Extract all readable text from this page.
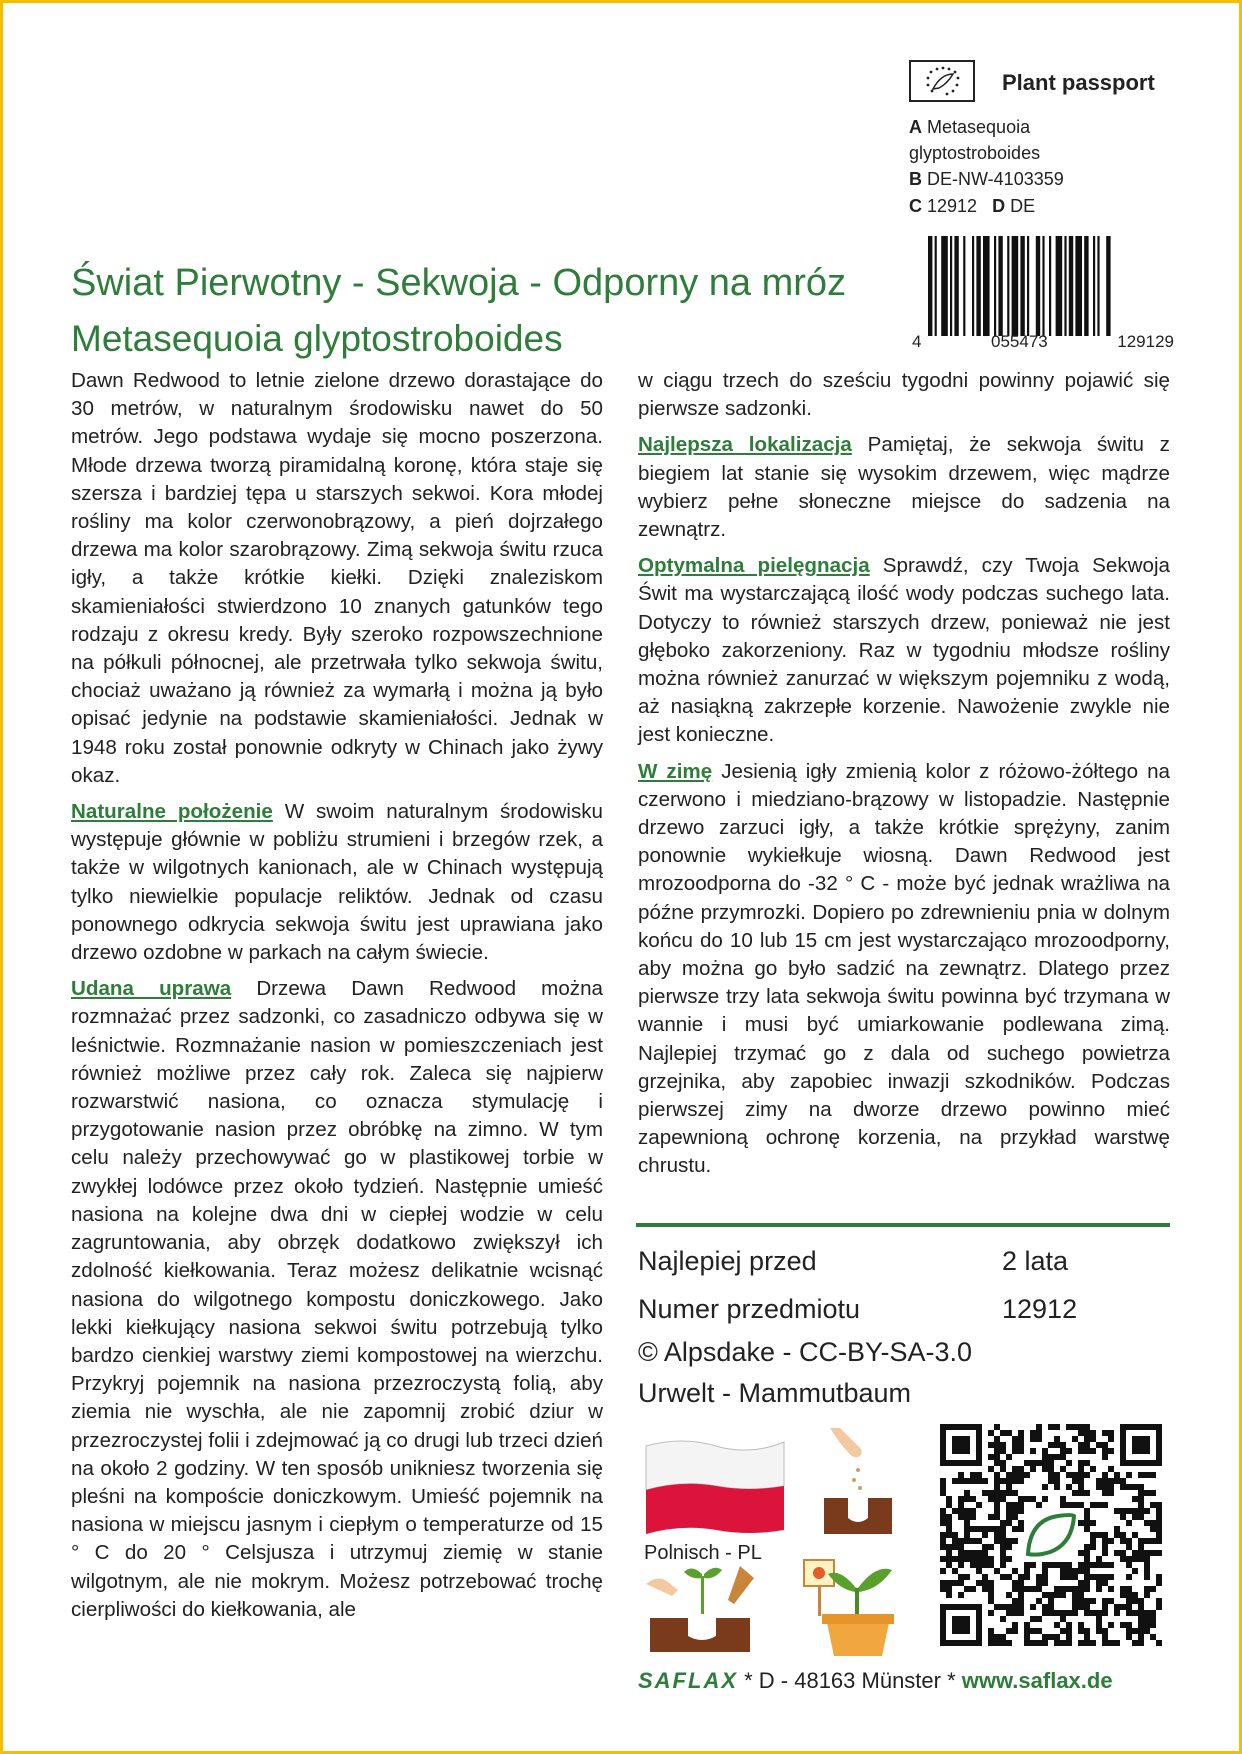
Plant passport
A Metasequoia
glyptostroboides
B DE-NW-4103359
C 12912 D DE
4	055473	129129
Świat Pierwotny - Sekwoja - Odporny na mróz
Metasequoia glyptostroboides

Dawn Redwood to letnie zielone drzewo dorastające do 30 metrów, w naturalnym środowisku nawet do 50 metrów. Jego podstawa wydaje się mocno poszerzona. Młode drzewa tworzą piramidalną koronę, która staje się szersza i bardziej tępa u starszych sekwoi. Kora młodej rośliny ma kolor czerwonobrązowy, a pień dojrzałego drzewa ma kolor szarobrązowy. Zimą sekwoja świtu rzuca igły, a także krótkie kiełki. Dzięki znaleziskom skamieniałości stwierdzono 10 znanych gatunków tego rodzaju z okresu kredy. Były szeroko rozpowszechnione na półkuli północnej, ale przetrwała tylko sekwoja świtu, chociaż uważano ją również za wymarłą i można ją było opisać jedynie na podstawie skamieniałości. Jednak w 1948 roku został ponownie odkryty w Chinach jako żywy okaz.

Naturalne położenie W swoim naturalnym środowisku występuje głównie w pobliżu strumieni i brzegów rzek, a także w wilgotnych kanionach, ale w Chinach występują tylko niewielkie populacje reliktów. Jednak od czasu ponownego odkrycia sekwoja świtu jest uprawiana jako drzewo ozdobne w parkach na całym świecie.

Udana uprawa Drzewa Dawn Redwood można rozmnażać przez sadzonki, co zasadniczo odbywa się w leśnictwie. Rozmnażanie nasion w pomieszczeniach jest również możliwe przez cały rok. Zaleca się najpierw rozwarstwić nasiona, co oznacza stymulację i przygotowanie nasion przez obróbkę na zimno. W tym celu należy przechowywać go w plastikowej torbie w zwykłej lodówce przez około tydzień. Następnie umieść nasiona na kolejne dwa dni w ciepłej wodzie w celu zagruntowania, aby obrzęk dodatkowo zwiększył ich zdolność kiełkowania. Teraz możesz delikatnie wcisnąć nasiona do wilgotnego kompostu doniczkowego. Jako lekki kiełkujący nasiona sekwoi świtu potrzebują tylko bardzo cienkiej warstwy ziemi kompostowej na wierzchu. Przykryj pojemnik na nasiona przezroczystą folią, aby ziemia nie wyschła, ale nie zapomnij zrobić dziur w przezroczystej folii i zdejmować ją co drugi lub trzeci dzień na około 2 godziny. W ten sposób unikniesz tworzenia się pleśni na kompoście doniczkowym. Umieść pojemnik na nasiona w miejscu jasnym i ciepłym o temperaturze od 15 ° C do 20 ° Celsjusza i utrzymuj ziemię w stanie wilgotnym, ale nie mokrym. Możesz potrzebować trochę cierpliwości do kiełkowania, ale

w ciągu trzech do sześciu tygodni powinny pojawić się pierwsze sadzonki.

Najlepsza lokalizacja Pamiętaj, że sekwoja świtu z biegiem lat stanie się wysokim drzewem, więc mądrze wybierz pełne słoneczne miejsce do sadzenia na zewnątrz.

Optymalna pielęgnacja Sprawdź, czy Twoja Sekwoja Świt ma wystarczającą ilość wody podczas suchego lata. Dotyczy to również starszych drzew, ponieważ nie jest głęboko zakorzeniony. Raz w tygodniu młodsze rośliny można również zanurzać w większym pojemniku z wodą, aż nasiąkną zakrzepłe korzenie. Nawożenie zwykle nie jest konieczne.

W zimę Jesienią igły zmienią kolor z różowo-żółtego na czerwono i miedziano-brązowy w listopadzie. Następnie drzewo zarzuci igły, a także krótkie sprężyny, zanim ponownie wykiełkuje wiosną. Dawn Redwood jest mrozoodporna do -32 ° C - może być jednak wrażliwa na późne przymrozki. Dopiero po zdrewnieniu pnia w dolnym końcu do 10 lub 15 cm jest wystarczająco mrozoodporny, aby można go było sadzić na zewnątrz. Dlatego przez pierwsze trzy lata sekwoja świtu powinna być trzymana w wannie i musi być umiarkowanie podlewana zimą. Najlepiej trzymać go z dala od suchego powietrza grzejnika, aby zapobiec inwazji szkodników. Podczas pierwszej zimy na dworze drzewo powinno mieć zapewnioną ochronę korzenia, na przykład warstwę chrustu.

Najlepiej przed	2 lata
Numer przedmiotu	12912
© Alpsdake - CC-BY-SA-3.0
Urwelt - Mammutbaum
Polnisch - PL
SAFLAX * D - 48163 Münster * www.saflax.de
